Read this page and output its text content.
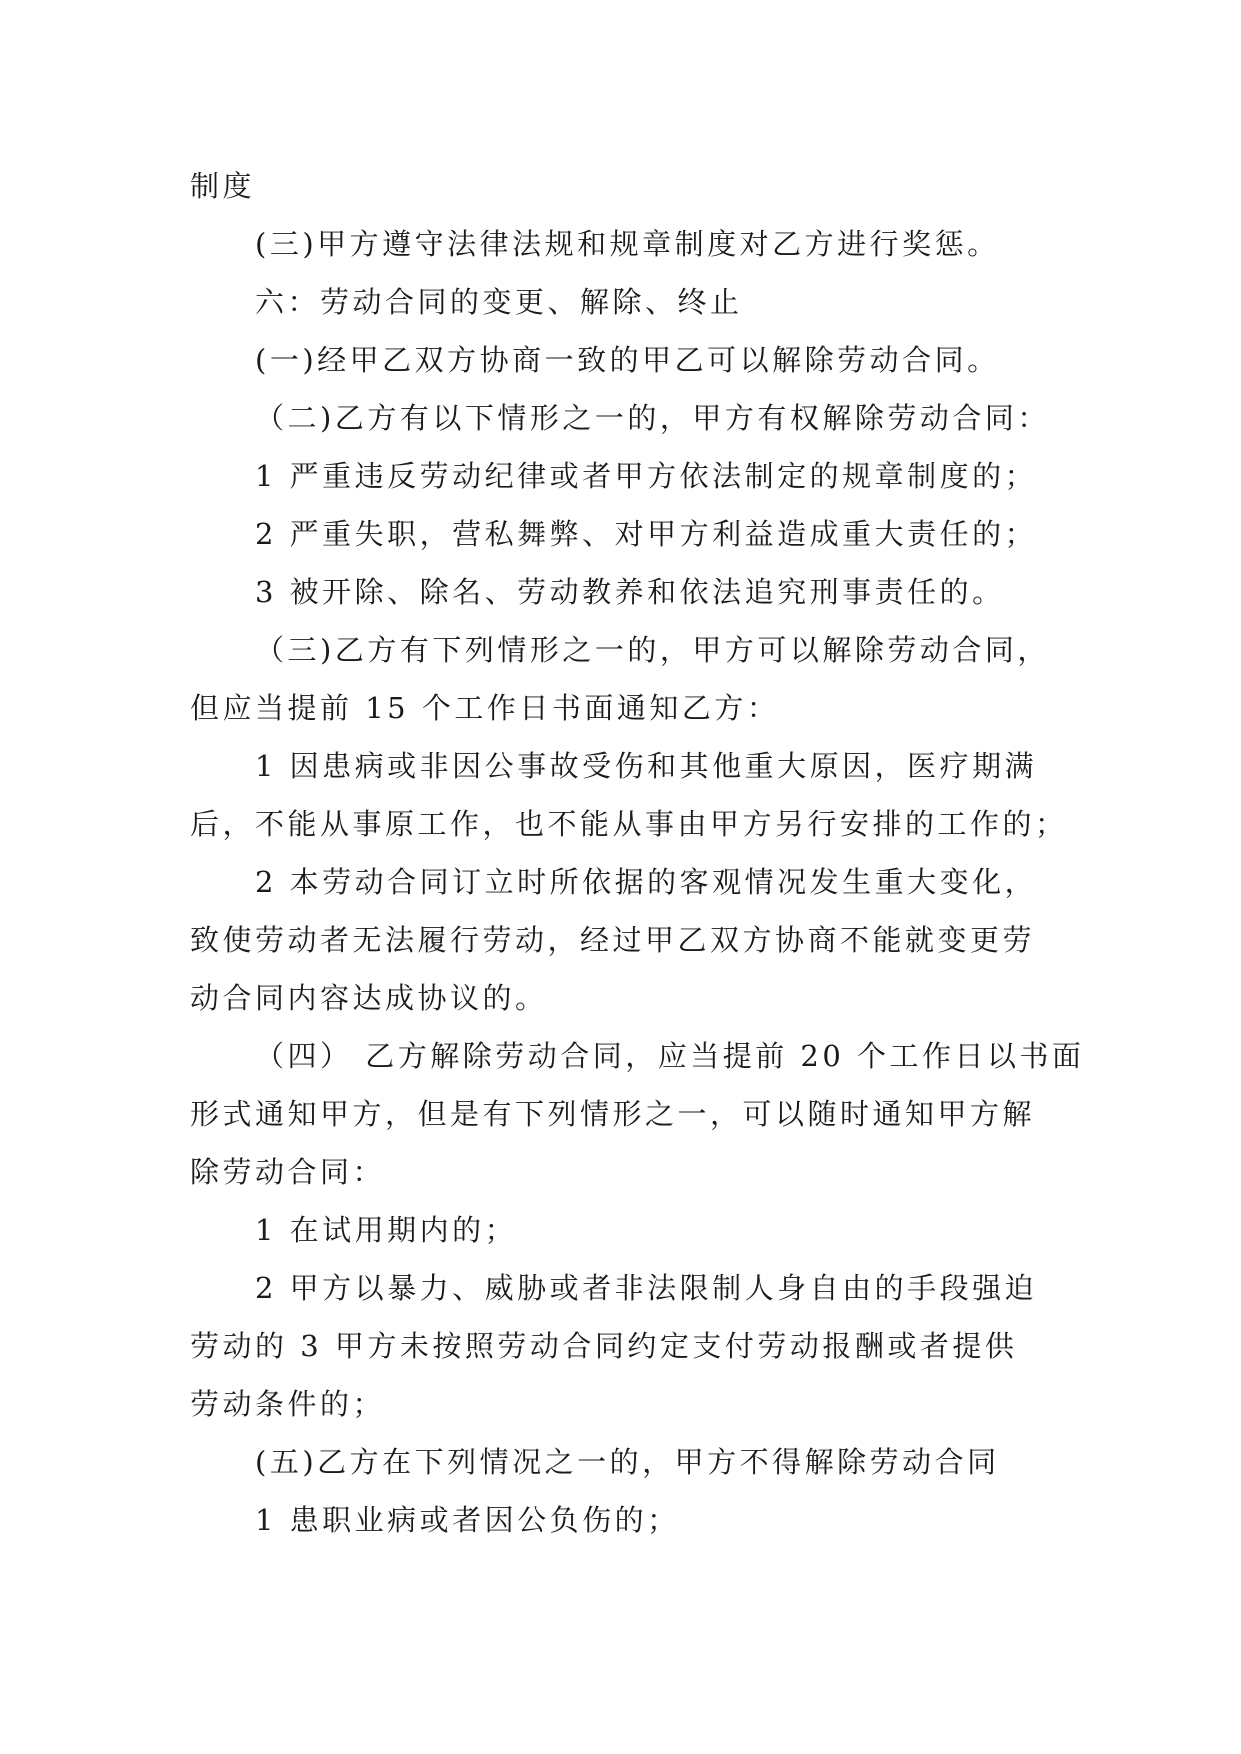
制度

(三)甲方遵守法律法规和规章制度对乙方进行奖惩。

六：劳动合同的变更、解除、终止

(一)经甲乙双方协商一致的甲乙可以解除劳动合同。

（二)乙方有以下情形之一的，甲方有权解除劳动合同：

1 严重违反劳动纪律或者甲方依法制定的规章制度的；

2 严重失职，营私舞弊、对甲方利益造成重大责任的；

3 被开除、除名、劳动教养和依法追究刑事责任的。

（三)乙方有下列情形之一的，甲方可以解除劳动合同，

但应当提前 15 个工作日书面通知乙方：

1 因患病或非因公事故受伤和其他重大原因，医疗期满

后，不能从事原工作，也不能从事由甲方另行安排的工作的；

2 本劳动合同订立时所依据的客观情况发生重大变化，

致使劳动者无法履行劳动，经过甲乙双方协商不能就变更劳

动合同内容达成协议的。

（四） 乙方解除劳动合同，应当提前 20 个工作日以书面

形式通知甲方，但是有下列情形之一，可以随时通知甲方解

除劳动合同：

1 在试用期内的；

2 甲方以暴力、威胁或者非法限制人身自由的手段强迫

劳动的 3 甲方未按照劳动合同约定支付劳动报酬或者提供

劳动条件的；

(五)乙方在下列情况之一的，甲方不得解除劳动合同

1 患职业病或者因公负伤的；
